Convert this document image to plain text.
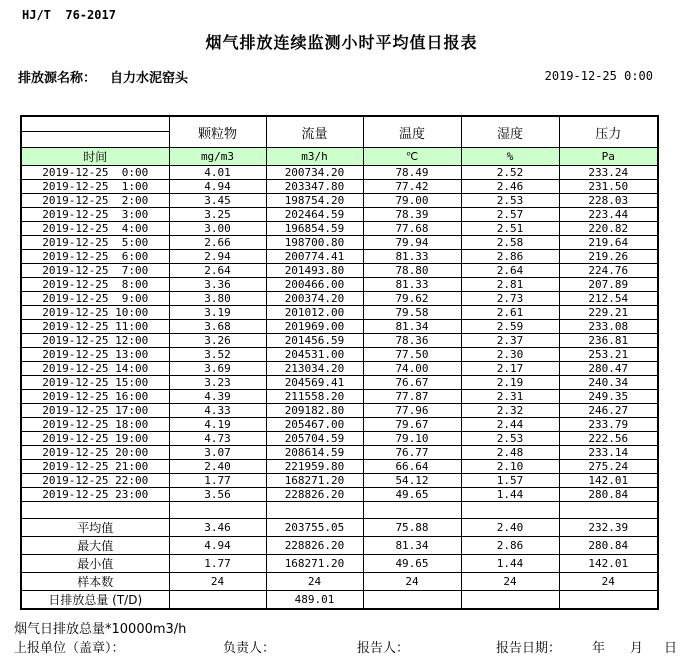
HJ/T  76-2017
烟气排放连续监测小时平均值日报表
排放源名称： 自力水泥窑头	2019-12-25 0:00
	颗粒物	流量	温度	湿度	压力
时间	mg/m3	m3/h	℃	%	Pa
2019-12-25  0:00	4.01	200734.20	78.49	2.52	233.24
2019-12-25  1:00	4.94	203347.80	77.42	2.46	231.50
2019-12-25  2:00	3.45	198754.20	79.00	2.53	228.03
2019-12-25  3:00	3.25	202464.59	78.39	2.57	223.44
2019-12-25  4:00	3.00	196854.59	77.68	2.51	220.82
2019-12-25  5:00	2.66	198700.80	79.94	2.58	219.64
2019-12-25  6:00	2.94	200774.41	81.33	2.86	219.26
2019-12-25  7:00	2.64	201493.80	78.80	2.64	224.76
2019-12-25  8:00	3.36	200466.00	81.33	2.81	207.89
2019-12-25  9:00	3.80	200374.20	79.62	2.73	212.54
2019-12-25 10:00	3.19	201012.00	79.58	2.61	229.21
2019-12-25 11:00	3.68	201969.00	81.34	2.59	233.08
2019-12-25 12:00	3.26	201456.59	78.36	2.37	236.81
2019-12-25 13:00	3.52	204531.00	77.50	2.30	253.21
2019-12-25 14:00	3.69	213034.20	74.00	2.17	280.47
2019-12-25 15:00	3.23	204569.41	76.67	2.19	240.34
2019-12-25 16:00	4.39	211558.20	77.87	2.31	249.35
2019-12-25 17:00	4.33	209182.80	77.96	2.32	246.27
2019-12-25 18:00	4.19	205467.00	79.67	2.44	233.79
2019-12-25 19:00	4.73	205704.59	79.10	2.53	222.56
2019-12-25 20:00	3.07	208614.59	76.77	2.48	233.14
2019-12-25 21:00	2.40	221959.80	66.64	2.10	275.24
2019-12-25 22:00	1.77	168271.20	54.12	1.57	142.01
2019-12-25 23:00	3.56	228826.20	49.65	1.44	280.84

平均值	3.46	203755.05	75.88	2.40	232.39
最大值	4.94	228826.20	81.34	2.86	280.84
最小值	1.77	168271.20	49.65	1.44	142.01
样本数	24	24	24	24	24
日排放总量 (T/D)		489.01			
烟气日排放总量*10000m3/h
上报单位（盖章）：	负责人：	报告人：	报告日期： 年 月 日
